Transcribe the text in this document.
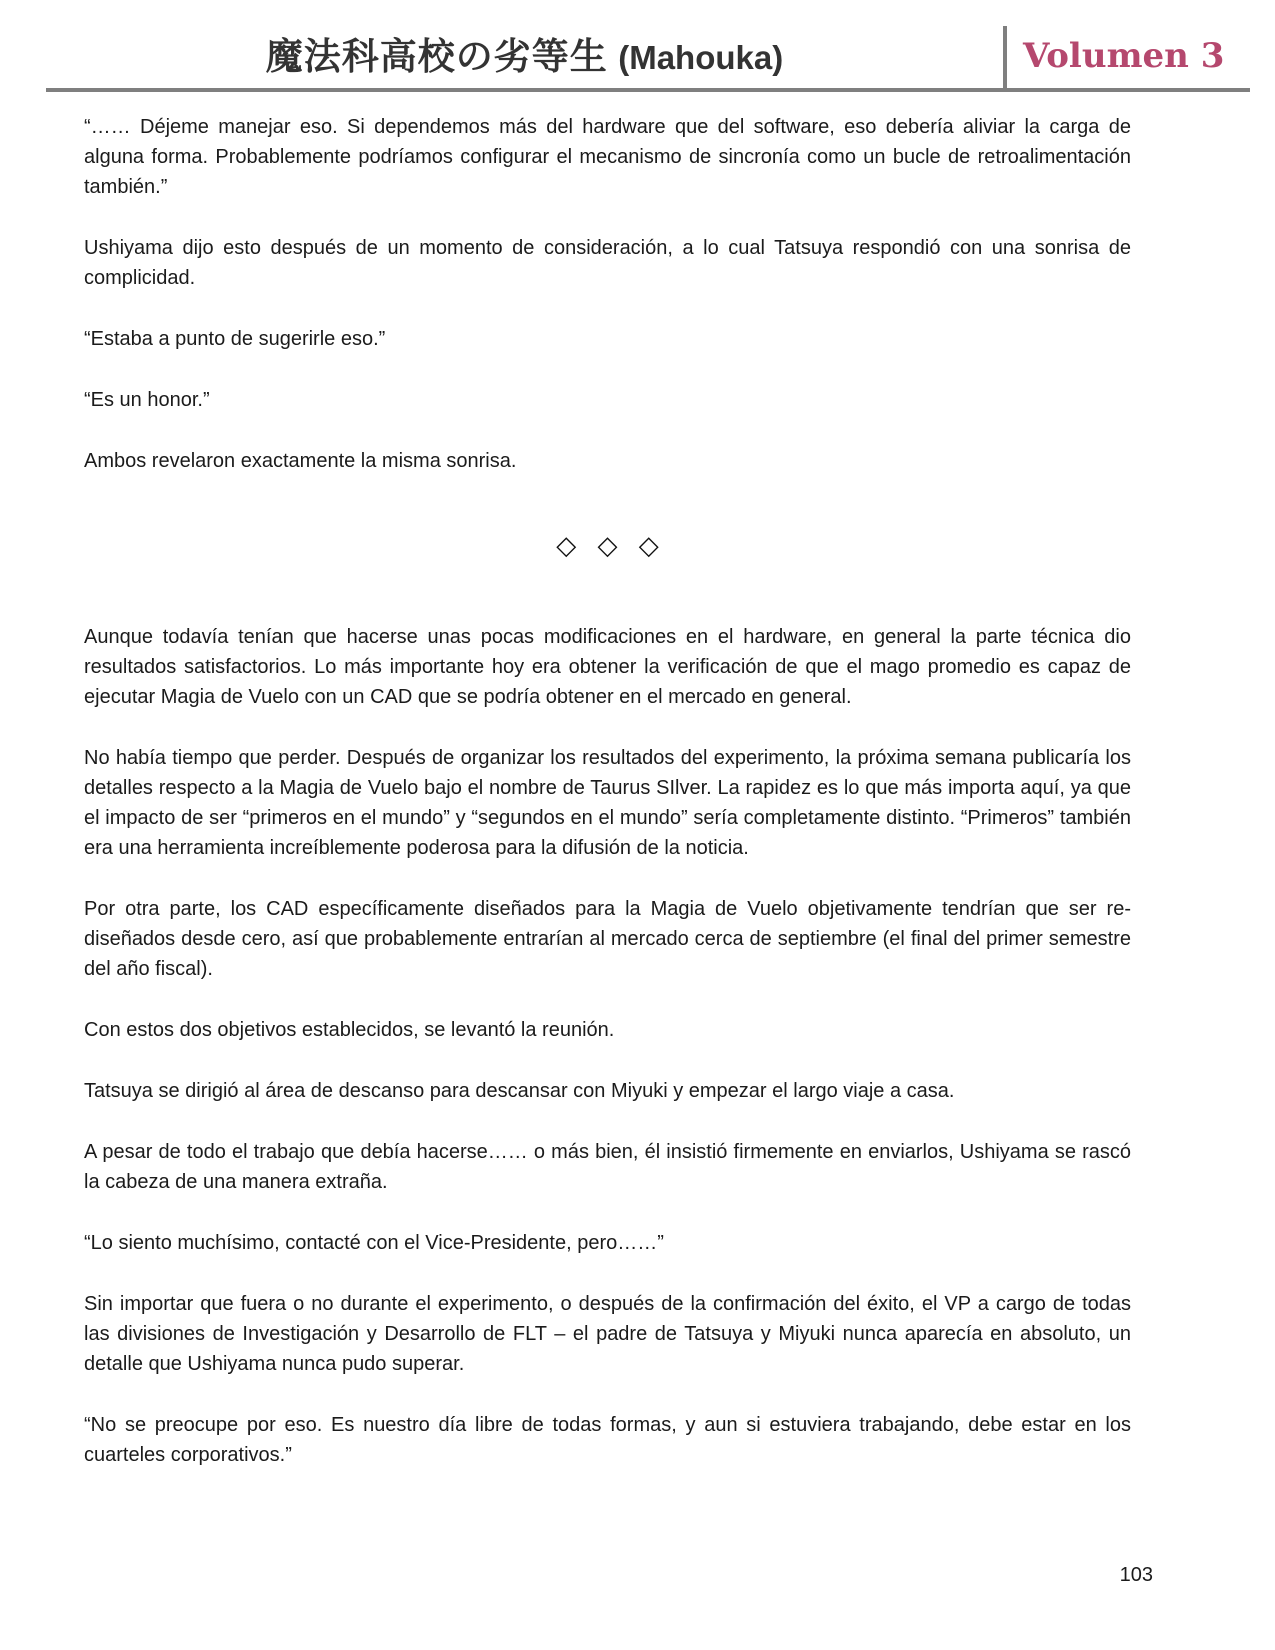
魔法科高校の劣等生 (Mahouka)	Volumen 3

“…… Déjeme manejar eso. Si dependemos más del hardware que del software, eso debería aliviar la carga de alguna forma. Probablemente podríamos configurar el mecanismo de sincronía como un bucle de retroalimentación también.”

Ushiyama dijo esto después de un momento de consideración, a lo cual Tatsuya respondió con una sonrisa de complicidad.

“Estaba a punto de sugerirle eso.”

“Es un honor.”

Ambos revelaron exactamente la misma sonrisa.

◇ ◇ ◇

Aunque todavía tenían que hacerse unas pocas modificaciones en el hardware, en general la parte técnica dio resultados satisfactorios. Lo más importante hoy era obtener la verificación de que el mago promedio es capaz de ejecutar Magia de Vuelo con un CAD que se podría obtener en el mercado en general.

No había tiempo que perder. Después de organizar los resultados del experimento, la próxima semana publicaría los detalles respecto a la Magia de Vuelo bajo el nombre de Taurus SIlver. La rapidez es lo que más importa aquí, ya que el impacto de ser “primeros en el mundo” y “segundos en el mundo” sería completamente distinto. “Primeros” también era una herramienta increíblemente poderosa para la difusión de la noticia.

Por otra parte, los CAD específicamente diseñados para la Magia de Vuelo objetivamente tendrían que ser re-diseñados desde cero, así que probablemente entrarían al mercado cerca de septiembre (el final del primer semestre del año fiscal).

Con estos dos objetivos establecidos, se levantó la reunión.

Tatsuya se dirigió al área de descanso para descansar con Miyuki y empezar el largo viaje a casa.

A pesar de todo el trabajo que debía hacerse…… o más bien, él insistió firmemente en enviarlos, Ushiyama se rascó la cabeza de una manera extraña.

“Lo siento muchísimo, contacté con el Vice-Presidente, pero……”

Sin importar que fuera o no durante el experimento, o después de la confirmación del éxito, el VP a cargo de todas las divisiones de Investigación y Desarrollo de FLT – el padre de Tatsuya y Miyuki nunca aparecía en absoluto, un detalle que Ushiyama nunca pudo superar.

“No se preocupe por eso. Es nuestro día libre de todas formas, y aun si estuviera trabajando, debe estar en los cuarteles corporativos.”

103
